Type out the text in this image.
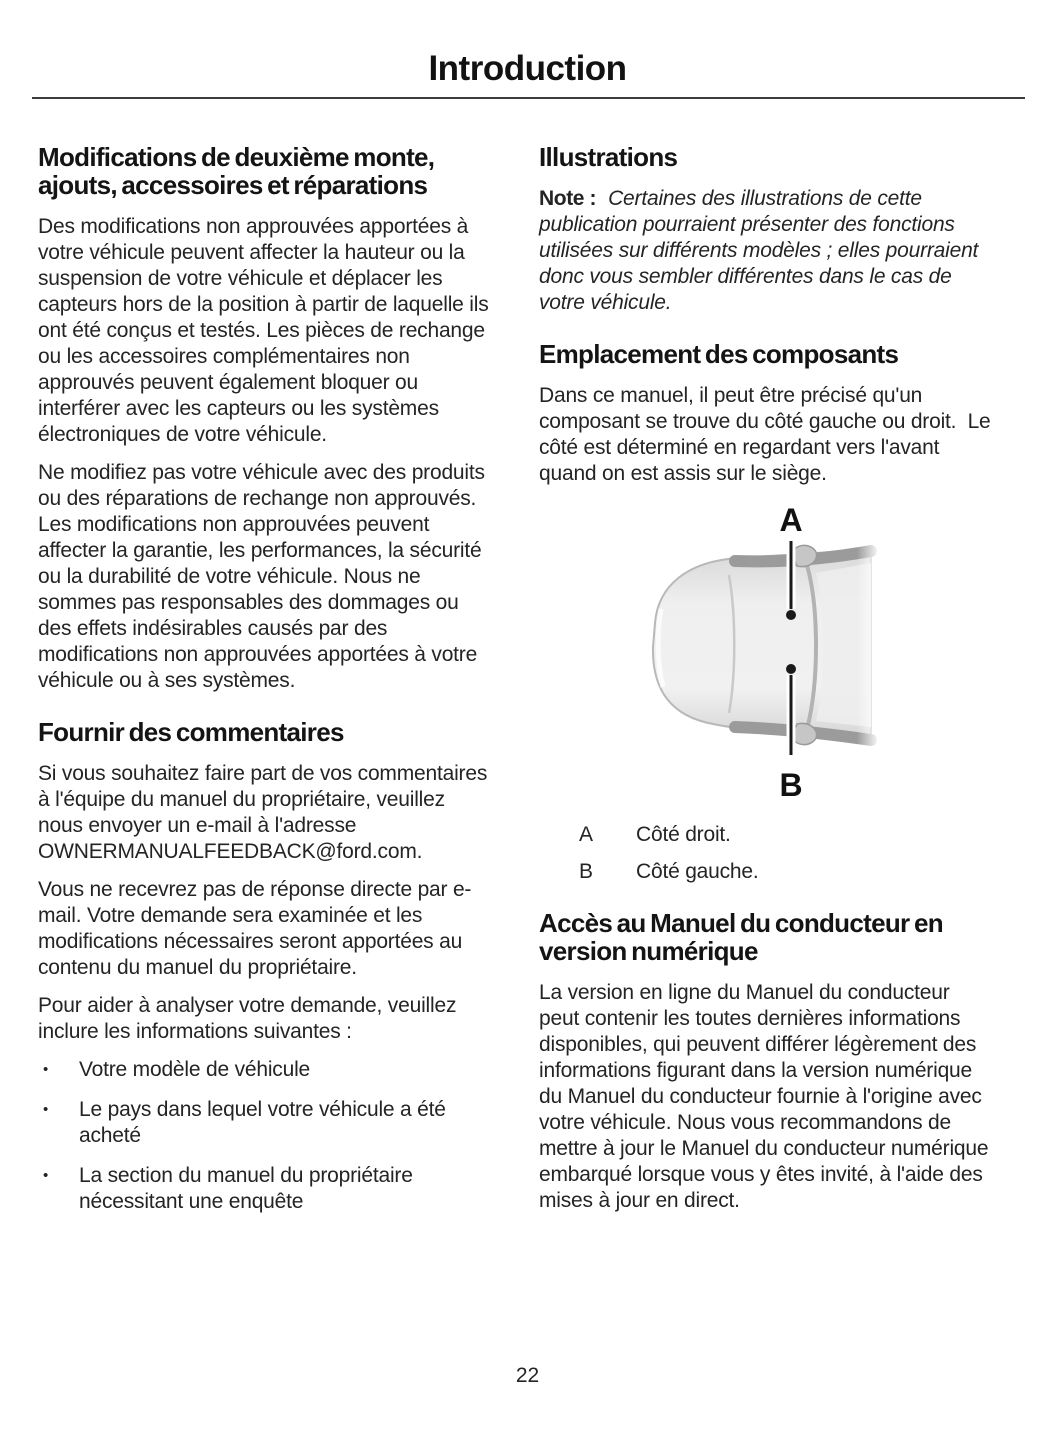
Introduction
Modifications de deuxième monte, ajouts, accessoires et réparations

Des modifications non approuvées apportées à votre véhicule peuvent affecter la hauteur ou la suspension de votre véhicule et déplacer les capteurs hors de la position à partir de laquelle ils ont été conçus et testés. Les pièces de rechange ou les accessoires complémentaires non approuvés peuvent également bloquer ou interférer avec les capteurs ou les systèmes électroniques de votre véhicule.

Ne modifiez pas votre véhicule avec des produits ou des réparations de rechange non approuvés. Les modifications non approuvées peuvent affecter la garantie, les performances, la sécurité ou la durabilité de votre véhicule. Nous ne sommes pas responsables des dommages ou des effets indésirables causés par des modifications non approuvées apportées à votre véhicule ou à ses systèmes.

Fournir des commentaires

Si vous souhaitez faire part de vos commentaires à l'équipe du manuel du propriétaire, veuillez nous envoyer un e-mail à l'adresse OWNERMANUALFEEDBACK@ford.com.

Vous ne recevrez pas de réponse directe par e-mail. Votre demande sera examinée et les modifications nécessaires seront apportées au contenu du manuel du propriétaire.

Pour aider à analyser votre demande, veuillez inclure les informations suivantes :

•	Votre modèle de véhicule
•	Le pays dans lequel votre véhicule a été acheté
•	La section du manuel du propriétaire nécessitant une enquête
Illustrations

Note : Certaines des illustrations de cette publication pourraient présenter des fonctions utilisées sur différents modèles ; elles pourraient donc vous sembler différentes dans le cas de votre véhicule.

Emplacement des composants

Dans ce manuel, il peut être précisé qu'un composant se trouve du côté gauche ou droit.  Le côté est déterminé en regardant vers l'avant quand on est assis sur le siège.

A
B
A	Côté droit.
B	Côté gauche.
Accès au Manuel du conducteur en version numérique

La version en ligne du Manuel du conducteur peut contenir les toutes dernières informations disponibles, qui peuvent différer légèrement des informations figurant dans la version numérique du Manuel du conducteur fournie à l'origine avec votre véhicule. Nous vous recommandons de mettre à jour le Manuel du conducteur numérique embarqué lorsque vous y êtes invité, à l'aide des mises à jour en direct.

22
